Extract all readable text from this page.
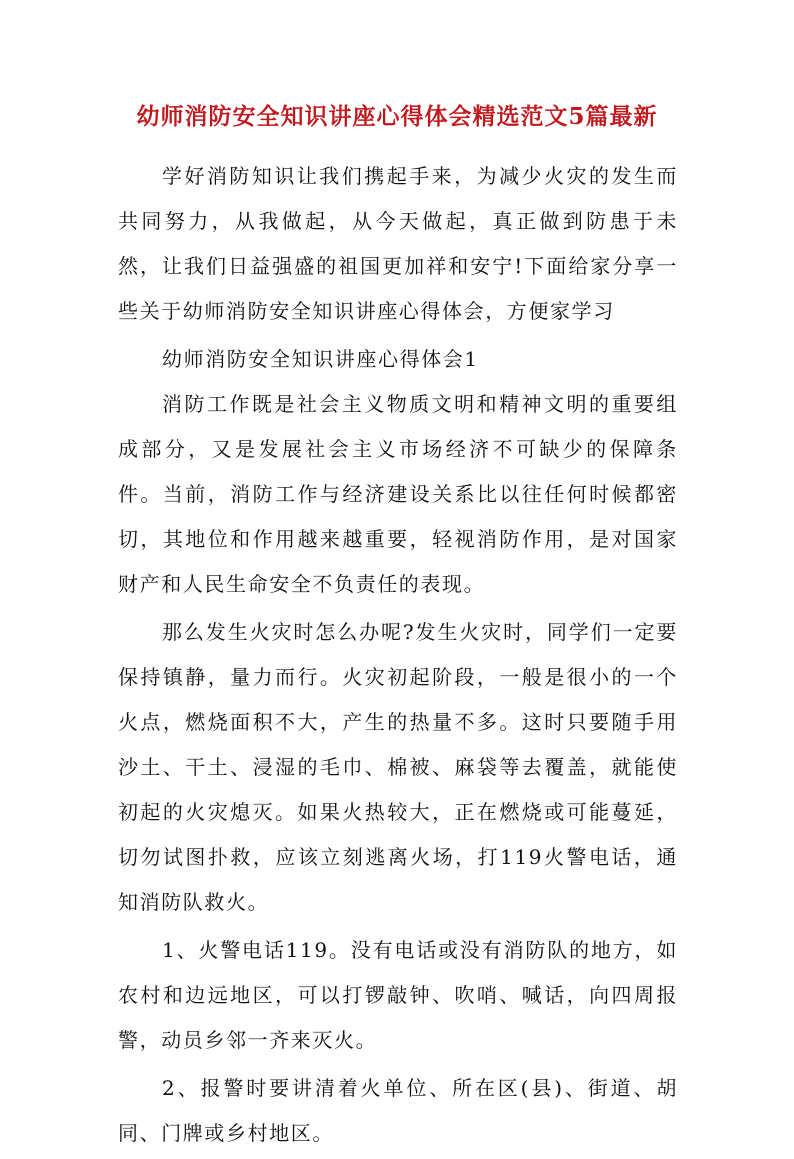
幼师消防安全知识讲座心得体会精选范文5篇最新

学好消防知识让我们携起手来，为减少火灾的发生而共同努力，从我做起，从今天做起，真正做到防患于未然，让我们日益强盛的祖国更加祥和安宁!下面给家分享一些关于幼师消防安全知识讲座心得体会，方便家学习

幼师消防安全知识讲座心得体会1

消防工作既是社会主义物质文明和精神文明的重要组成部分，又是发展社会主义市场经济不可缺少的保障条件。当前，消防工作与经济建设关系比以往任何时候都密切，其地位和作用越来越重要，轻视消防作用，是对国家财产和人民生命安全不负责任的表现。

那么发生火灾时怎么办呢?发生火灾时，同学们一定要保持镇静，量力而行。火灾初起阶段，一般是很小的一个火点，燃烧面积不大，产生的热量不多。这时只要随手用沙土、干土、浸湿的毛巾、棉被、麻袋等去覆盖，就能使初起的火灾熄灭。如果火热较大，正在燃烧或可能蔓延，切勿试图扑救，应该立刻逃离火场，打119火警电话，通知消防队救火。

1、火警电话119。没有电话或没有消防队的地方，如农村和边远地区，可以打锣敲钟、吹哨、喊话，向四周报警，动员乡邻一齐来灭火。

2、报警时要讲清着火单位、所在区(县)、街道、胡同、门牌或乡村地区。
